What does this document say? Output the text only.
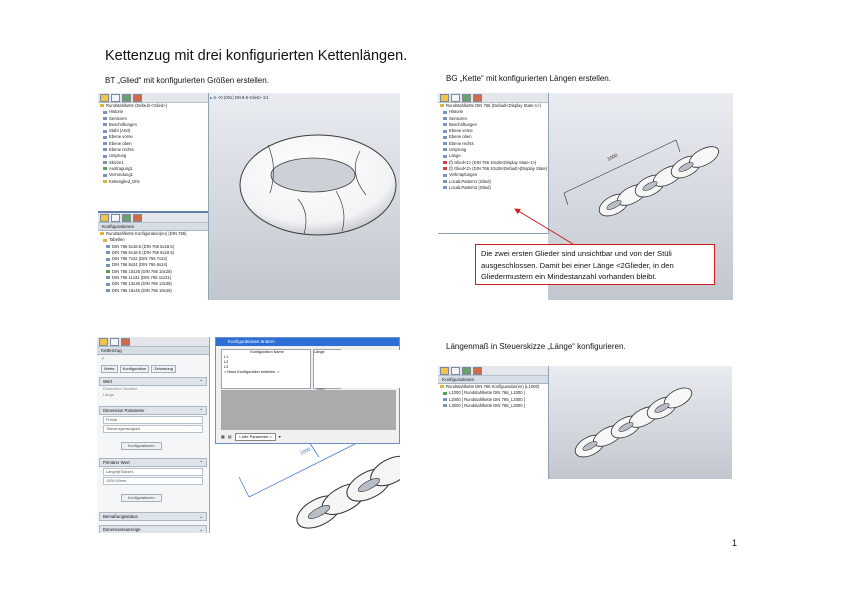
Kettenzug mit drei konfigurierten Kettenlängen.
BT „Glied“ mit konfigurierten Größen erstellen.	BG „Kette“ mit konfigurierten Längen erstellen.
Längenmaß in Steuerskizze „Länge“ konfigurieren.
▸ ⊘ <0 (001) DN 8-5-Glied> 1/1
Rundstahlkette (Default <Glied>)
Historie
Sensoren
Beschriftungen
Stahl (AISI)
Ebene vorne
Ebene oben
Ebene rechts
Ursprung
Skizze1
Austragung1
Verrundung1
Kettenglied_DIN
Konfigurationen
Rundstahlkette Konfiguration(en) (DIN 766)
Tabellen
DIN 766 5x18.5 (DIN 766 5x18.5)
DIN 766 6x18.5 (DIN 766 6x18.5)
DIN 766 7x22 (DIN 766 7x22)
DIN 766 8x24 (DIN 766 8x24)
DIN 766 10x28 (DIN 766 10x28)
DIN 766 11x31 (DIN 766 11x31)
DIN 766 13x36 (DIN 766 13x36)
DIN 766 16x45 (DIN 766 16x45)
1000
Rundstahlkette DIN 766 (Default<Display State-1>)
Historie
Sensoren
Beschriftungen
Ebene vorne
Ebene oben
Ebene rechts
Ursprung
Länge
(f) Glied<1> (DIN 766 10x28<Display State-1>)
(f) Glied<2> (DIN 766 10x28<Default>(Display State)
Verknüpfungen
LocalLPattern1 (Glied)
LocalLPattern2 (Glied)
Die zwei ersten Glieder sind unsichtbar und von der Stüli ausgeschlossen. Damit bei einer Länge <2Glieder, in den Gliedermustern ein Mindestanzahl vorhanden bleibt.
1000
Kettenzug
✓
Werte	Konfiguration	Zeichnung
Wert	⌃
Dimension Variable
Länge
Dimension Parameter	⌃
Primär
Toleranzgenauigkeit
Konfigurationen
Primärer Wert	⌃
Länge@Skizze1
1000.00mm
Konfigurationen
Bemaßungsstatus	⌄
Dimensionsanzeige	⌄
Konfigurationen ändern
Konfiguration Name
L1
L2
L3
< Neue Konfiguration erstellen. >
Länge
▦ ▤	< Alle Parameter >	▾
Konfigurationen
Rundstahlkette DIN 766 Konfiguration(en) (L1000)
L1000 [ Rundstahlkette DIN 766_L1000 ]
L2000 [ Rundstahlkette DIN 766_L2000 ]
L3000 [ Rundstahlkette DIN 766_L3000 ]
1
